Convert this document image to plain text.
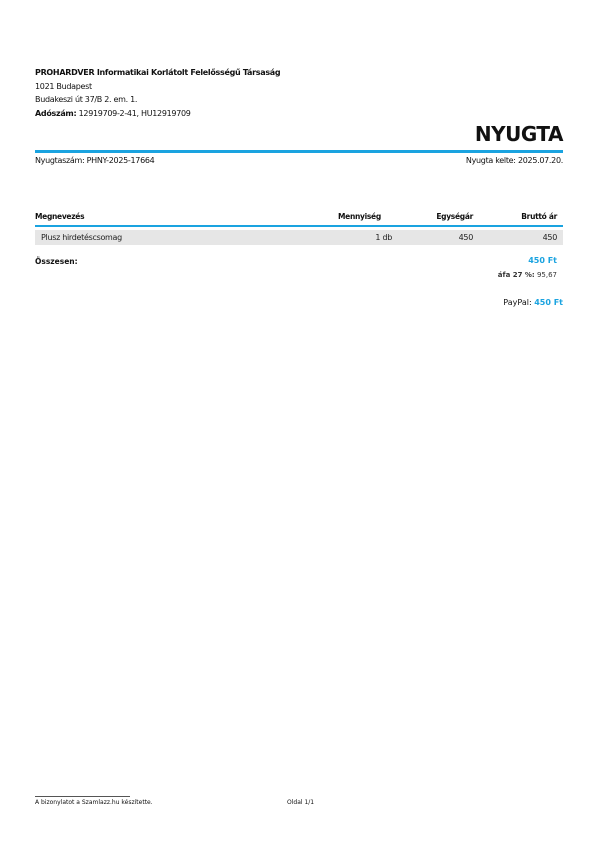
PROHARDVER Informatikai Korlátolt Felelősségű Társaság
1021 Budapest
Budakeszi út 37/B 2. em. 1.
Adószám: 12919709-2-41, HU12919709
NYUGTA
Nyugtaszám: PHNY-2025-17664	Nyugta kelte: 2025.07.20.
Megnevezés	Mennyiség	Egységár	Bruttó ár
Plusz hirdetéscsomag	1 db	450	450
Összesen:	450 Ft
áfa 27 %: 95,67
PayPal: 450 Ft
A bizonylatot a Szamlazz.hu készítette.	Oldal 1/1
